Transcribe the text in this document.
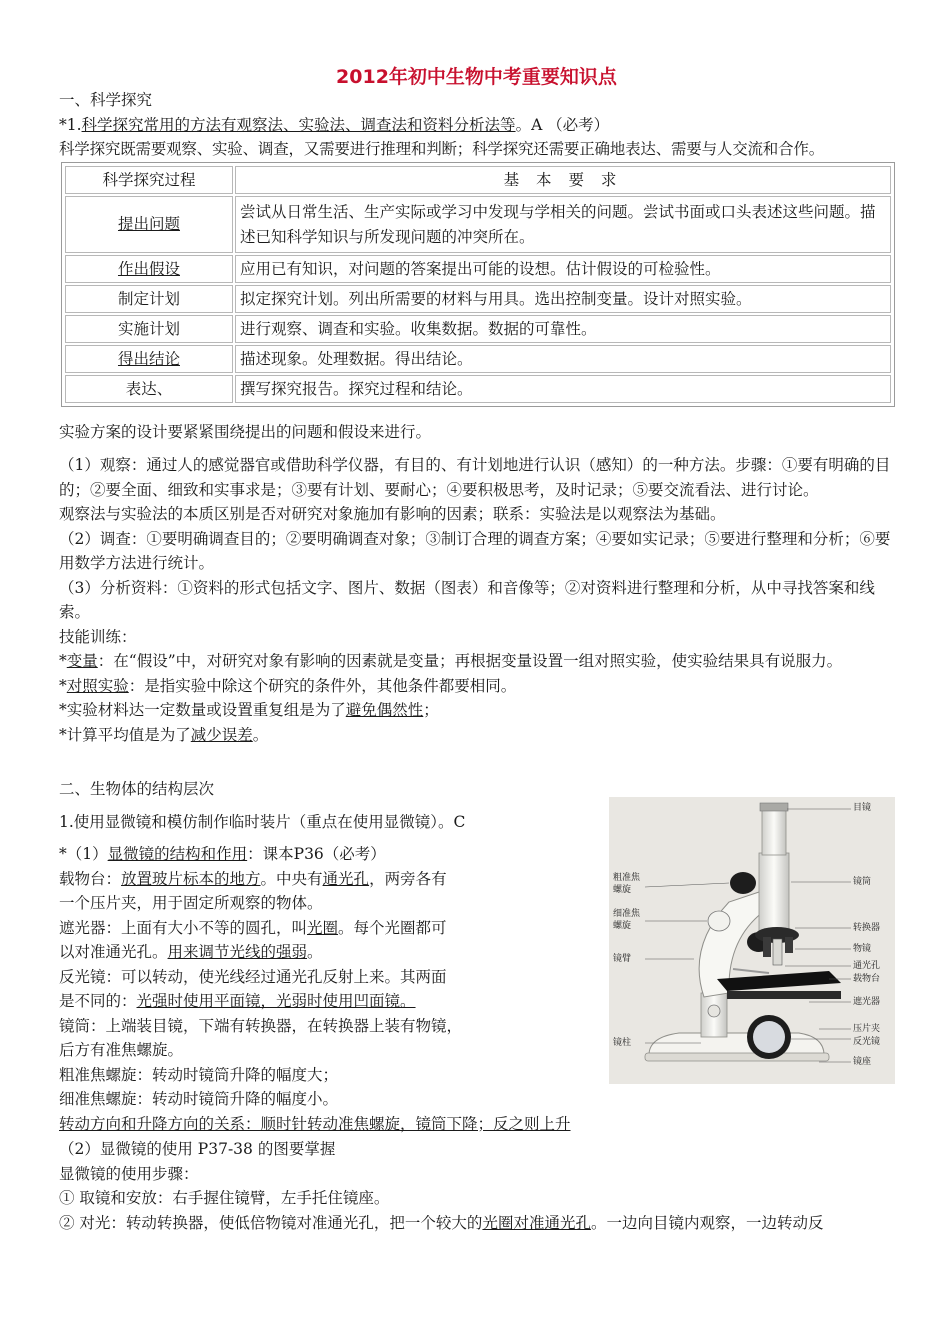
2012年初中生物中考重要知识点
一、科学探究
*1.科学探究常用的方法有观察法、实验法、调查法和资料分析法等。A （必考）
科学探究既需要观察、实验、调查，又需要进行推理和判断；科学探究还需要正确地表达、需要与人交流和合作。
科学探究过程	基 本 要 求
提出问题	尝试从日常生活、生产实际或学习中发现与学相关的问题。尝试书面或口头表述这些问题。描述已知科学知识与所发现问题的冲突所在。
作出假设	应用已有知识，对问题的答案提出可能的设想。估计假设的可检验性。
制定计划	拟定探究计划。列出所需要的材料与用具。选出控制变量。设计对照实验。
实施计划	进行观察、调查和实验。收集数据。数据的可靠性。
得出结论	描述现象。处理数据。得出结论。
表达、	撰写探究报告。探究过程和结论。
实验方案的设计要紧紧围绕提出的问题和假设来进行。
（1）观察：通过人的感觉器官或借助科学仪器，有目的、有计划地进行认识（感知）的一种方法。步骤：①要有明确的目的；②要全面、细致和实事求是；③要有计划、要耐心；④要积极思考，及时记录；⑤要交流看法、进行讨论。
观察法与实验法的本质区别是否对研究对象施加有影响的因素；联系：实验法是以观察法为基础。
（2）调查：①要明确调查目的；②要明确调查对象；③制订合理的调查方案；④要如实记录；⑤要进行整理和分析；⑥要用数学方法进行统计。
（3）分析资料：①资料的形式包括文字、图片、数据（图表）和音像等；②对资料进行整理和分析，从中寻找答案和线索。
技能训练：
*变量：在“假设”中，对研究对象有影响的因素就是变量；再根据变量设置一组对照实验，使实验结果具有说服力。
*对照实验：是指实验中除这个研究的条件外，其他条件都要相同。
*实验材料达一定数量或设置重复组是为了避免偶然性；
*计算平均值是为了减少误差。
二、生物体的结构层次
1.使用显微镜和模仿制作临时装片（重点在使用显微镜）。C
*（1）显微镜的结构和作用：课本P36（必考）
载物台：放置玻片标本的地方。中央有通光孔，两旁各有
一个压片夹，用于固定所观察的物体。
遮光器：上面有大小不等的圆孔，叫光圈。每个光圈都可
以对准通光孔。用来调节光线的强弱。
反光镜：可以转动，使光线经过通光孔反射上来。其两面
是不同的：光强时使用平面镜，光弱时使用凹面镜。
镜筒：上端装目镜，下端有转换器，在转换器上装有物镜，
后方有准焦螺旋。
粗准焦螺旋：转动时镜筒升降的幅度大；
细准焦螺旋：转动时镜筒升降的幅度小。
转动方向和升降方向的关系：顺时针转动准焦螺旋，镜筒下降；反之则上升
（2）显微镜的使用 P37-38 的图要掌握
显微镜的使用步骤：
① 取镜和安放：右手握住镜臂，左手托住镜座。
② 对光：转动转换器，使低倍物镜对准通光孔，把一个较大的光圈对准通光孔。一边向目镜内观察，一边转动反
目镜
粗准焦
螺旋
镜筒
细准焦
螺旋	转换器
物镜
镜臂
通光孔
载物台
遮光器
压片夹
反光镜
镜柱
镜座
